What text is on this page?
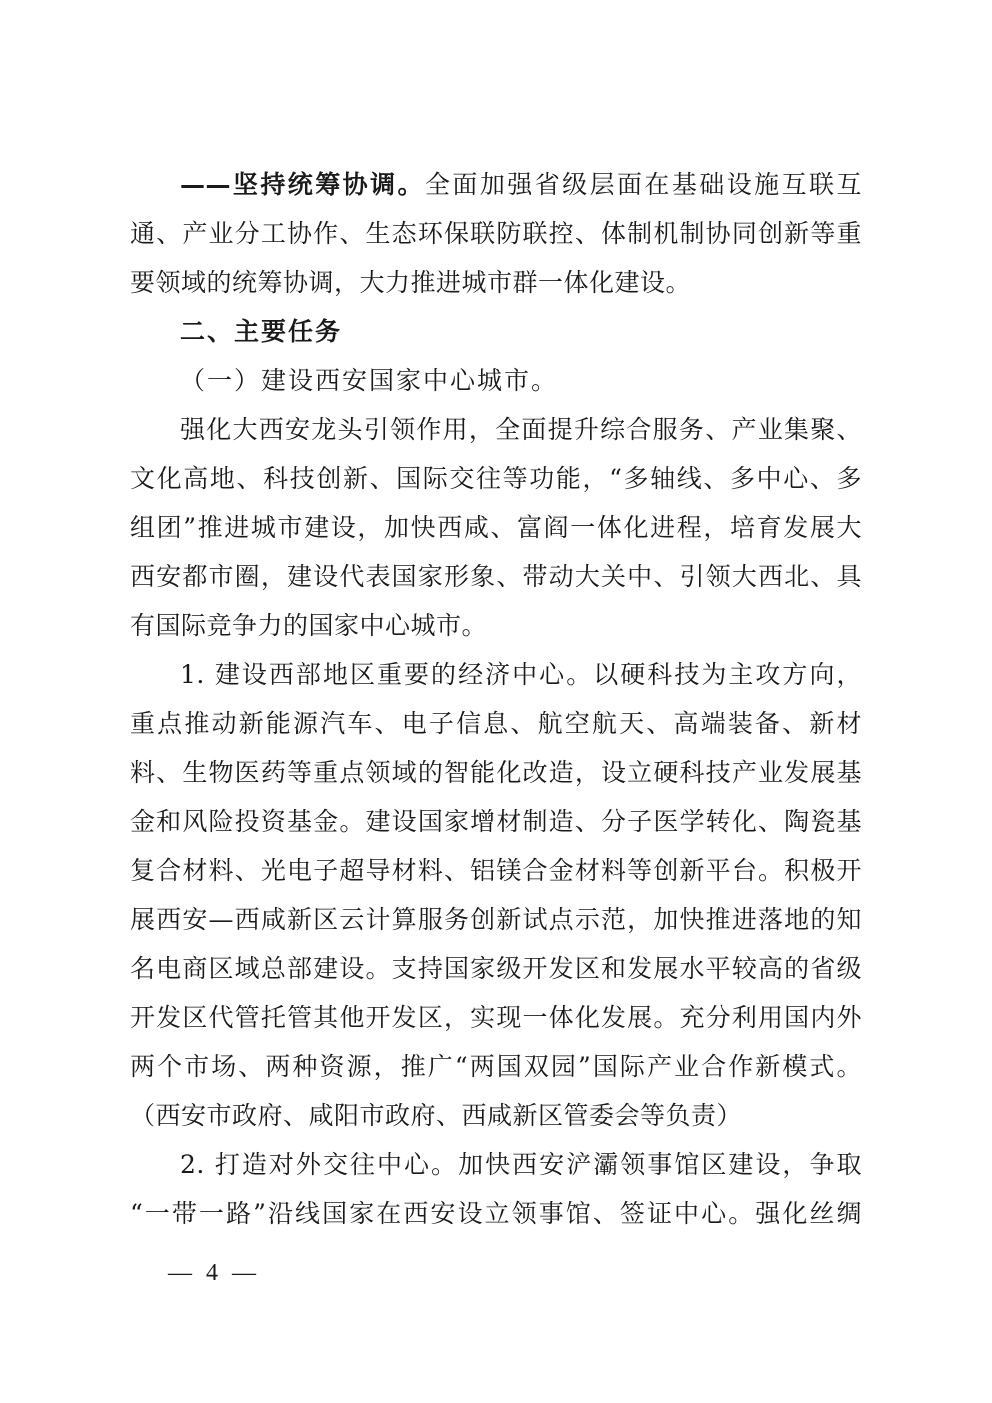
——坚持统筹协调。全面加强省级层面在基础设施互联互
通、产业分工协作、生态环保联防联控、体制机制协同创新等重
要领域的统筹协调，大力推进城市群一体化建设。
二、主要任务
（一）建设西安国家中心城市。
强化大西安龙头引领作用，全面提升综合服务、产业集聚、
文化高地、科技创新、国际交往等功能，“多轴线、多中心、多
组团”推进城市建设，加快西咸、富阎一体化进程，培育发展大
西安都市圈，建设代表国家形象、带动大关中、引领大西北、具
有国际竞争力的国家中心城市。
1. 建设西部地区重要的经济中心。以硬科技为主攻方向，
重点推动新能源汽车、电子信息、航空航天、高端装备、新材
料、生物医药等重点领域的智能化改造，设立硬科技产业发展基
金和风险投资基金。建设国家增材制造、分子医学转化、陶瓷基
复合材料、光电子超导材料、铝镁合金材料等创新平台。积极开
展西安—西咸新区云计算服务创新试点示范，加快推进落地的知
名电商区域总部建设。支持国家级开发区和发展水平较高的省级
开发区代管托管其他开发区，实现一体化发展。充分利用国内外
两个市场、两种资源，推广“两国双园”国际产业合作新模式。
（西安市政府、咸阳市政府、西咸新区管委会等负责）
2. 打造对外交往中心。加快西安浐灞领事馆区建设，争取
“一带一路”沿线国家在西安设立领事馆、签证中心。强化丝绸
— 4 —
